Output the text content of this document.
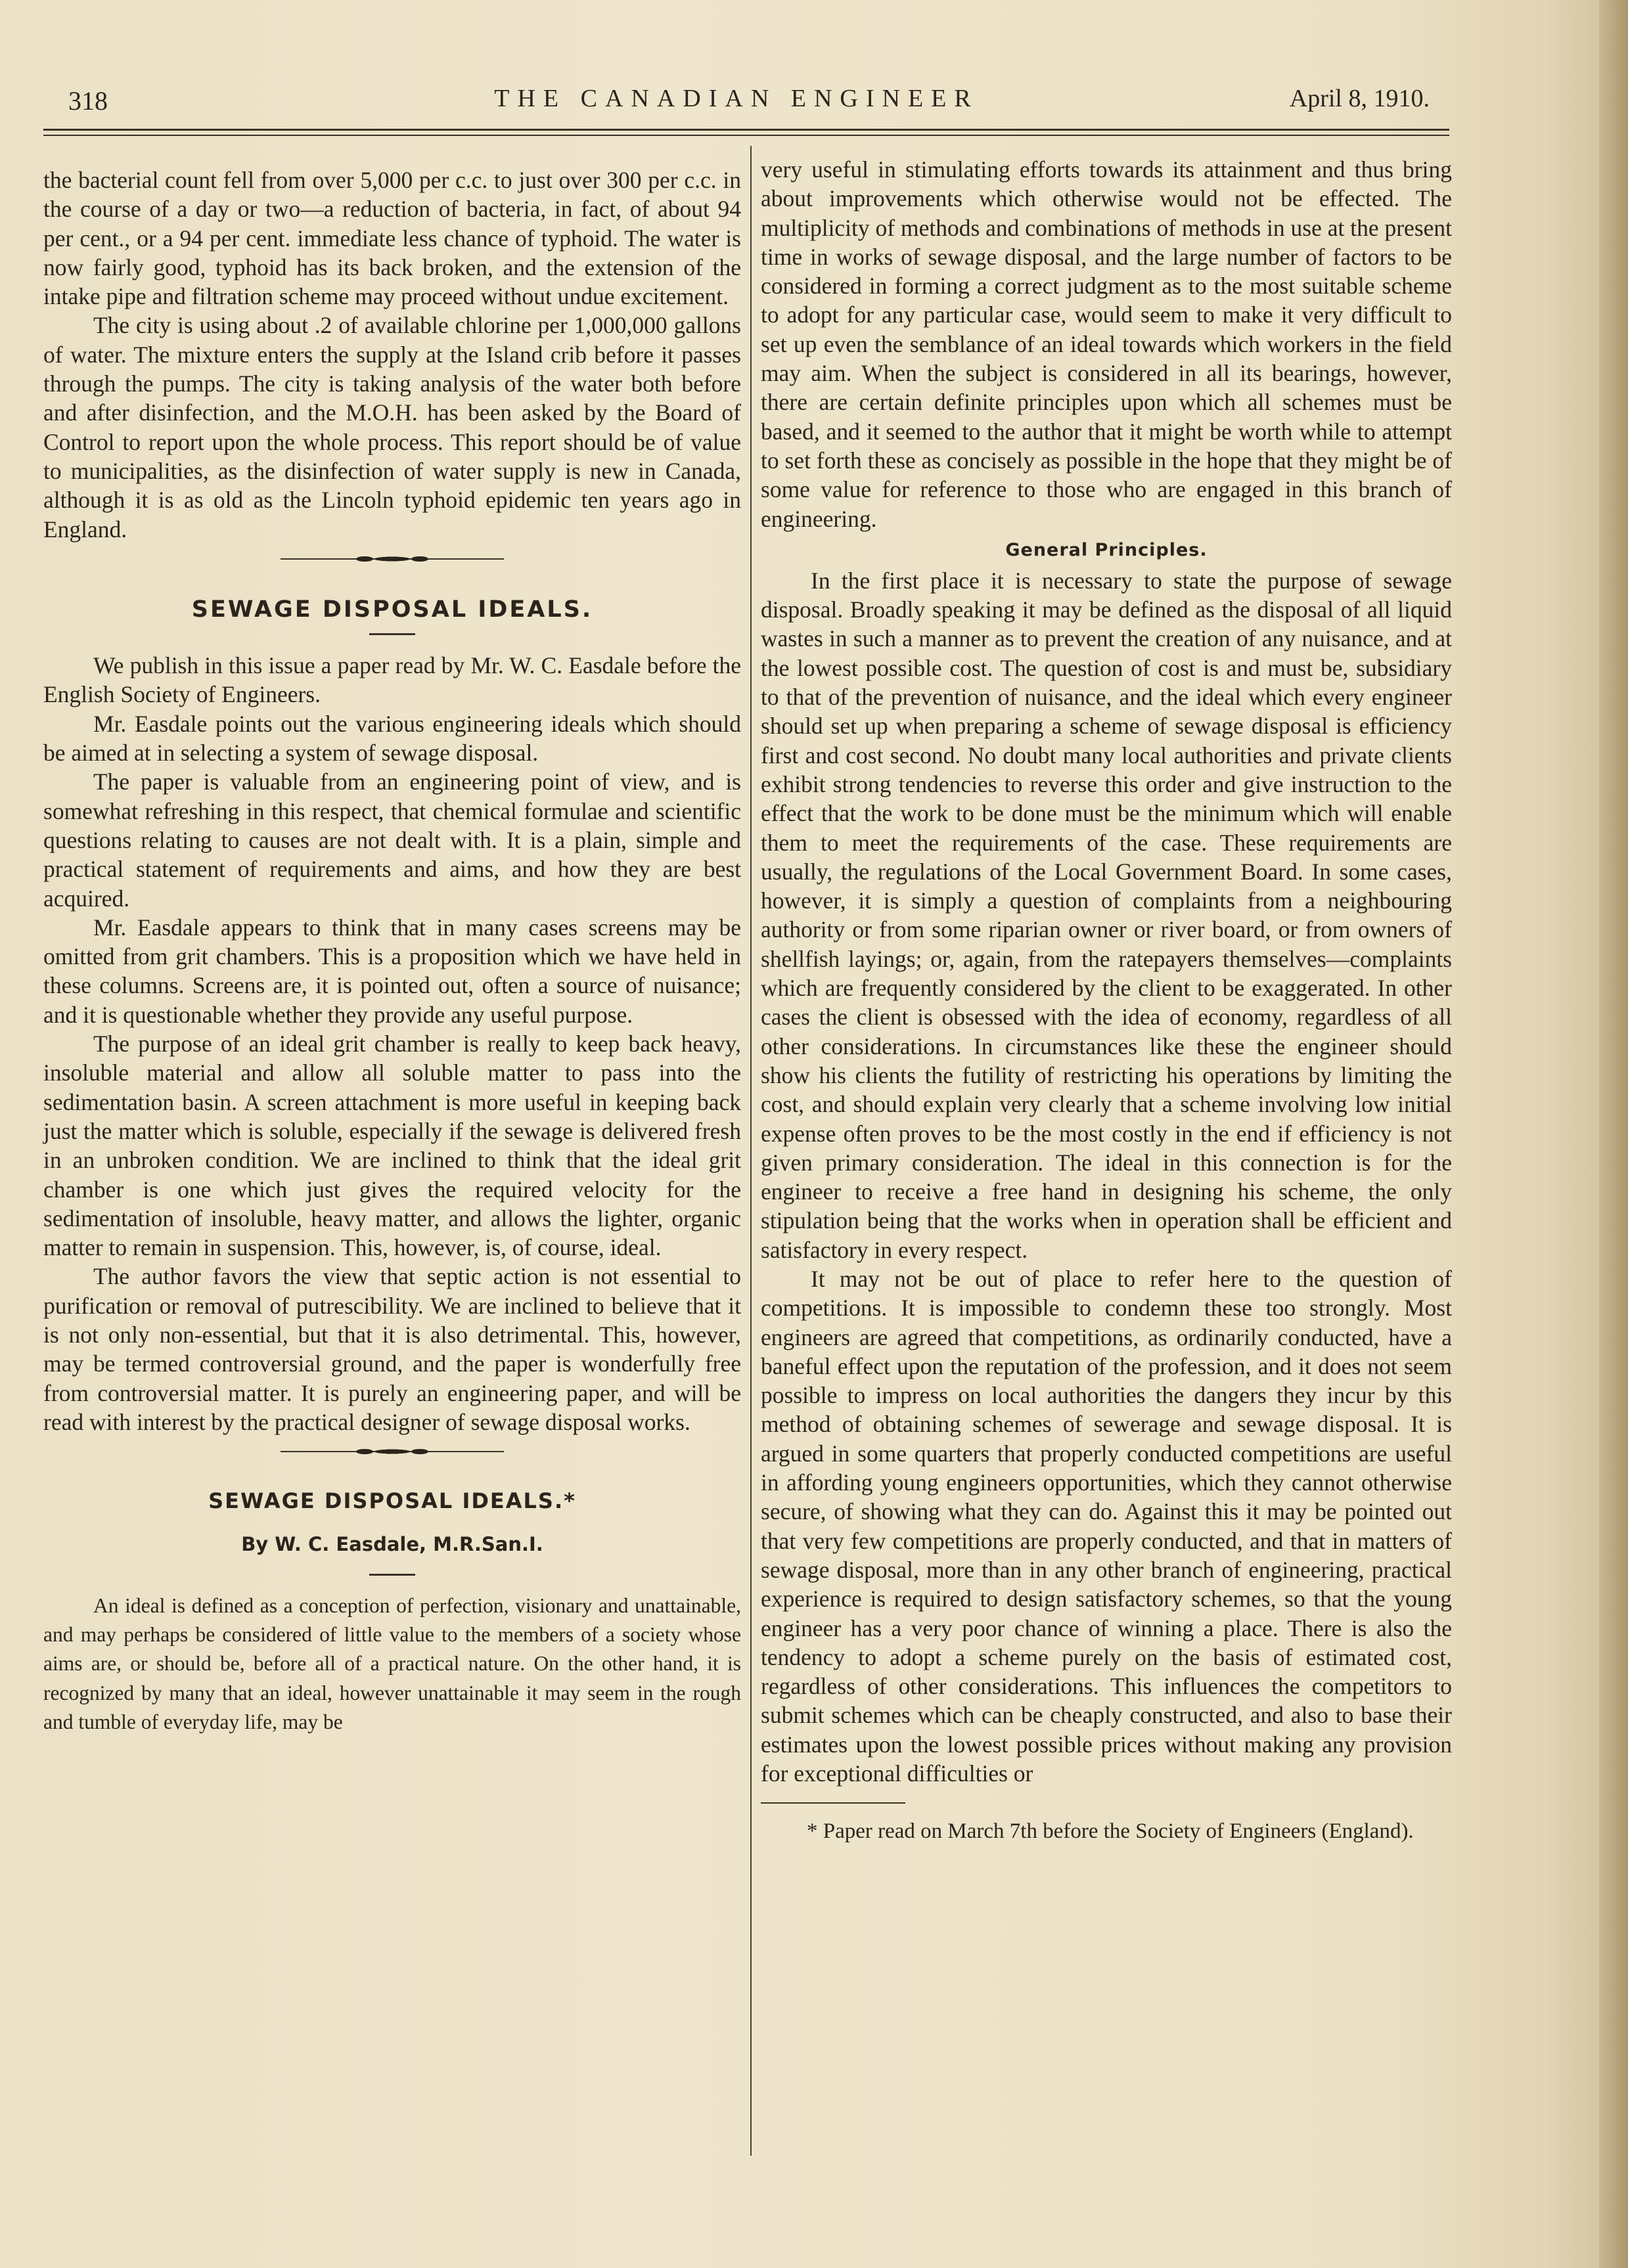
318	THE CANADIAN ENGINEER	April 8, 1910.

the bacterial count fell from over 5,000 per c.c. to just over 300 per c.c. in the course of a day or two—a reduction of bacteria, in fact, of about 94 per cent., or a 94 per cent. immediate less chance of typhoid. The water is now fairly good, typhoid has its back broken, and the extension of the intake pipe and filtration scheme may proceed without undue excitement.

The city is using about .2 of available chlorine per 1,000,000 gallons of water. The mixture enters the supply at the Island crib before it passes through the pumps. The city is taking analysis of the water both before and after disinfection, and the M.O.H. has been asked by the Board of Control to report upon the whole process. This report should be of value to municipalities, as the disinfection of water supply is new in Canada, although it is as old as the Lincoln typhoid epidemic ten years ago in England.

SEWAGE DISPOSAL IDEALS.

We publish in this issue a paper read by Mr. W. C. Easdale before the English Society of Engineers.

Mr. Easdale points out the various engineering ideals which should be aimed at in selecting a system of sewage disposal.

The paper is valuable from an engineering point of view, and is somewhat refreshing in this respect, that chemical formulae and scientific questions relating to causes are not dealt with. It is a plain, simple and practical statement of requirements and aims, and how they are best acquired.

Mr. Easdale appears to think that in many cases screens may be omitted from grit chambers. This is a proposition which we have held in these columns. Screens are, it is pointed out, often a source of nuisance; and it is questionable whether they provide any useful purpose.

The purpose of an ideal grit chamber is really to keep back heavy, insoluble material and allow all soluble matter to pass into the sedimentation basin. A screen attachment is more useful in keeping back just the matter which is soluble, especially if the sewage is delivered fresh in an unbroken condition. We are inclined to think that the ideal grit chamber is one which just gives the required velocity for the sedimentation of insoluble, heavy matter, and allows the lighter, organic matter to remain in suspension. This, however, is, of course, ideal.

The author favors the view that septic action is not essential to purification or removal of putrescibility. We are inclined to believe that it is not only non-essential, but that it is also detrimental. This, however, may be termed controversial ground, and the paper is wonderfully free from controversial matter. It is purely an engineering paper, and will be read with interest by the practical designer of sewage disposal works.

SEWAGE DISPOSAL IDEALS.*
By W. C. Easdale, M.R.San.I.

An ideal is defined as a conception of perfection, visionary and unattainable, and may perhaps be considered of little value to the members of a society whose aims are, or should be, before all of a practical nature. On the other hand, it is recognized by many that an ideal, however unattainable it may seem in the rough and tumble of everyday life, may be

very useful in stimulating efforts towards its attainment and thus bring about improvements which otherwise would not be effected. The multiplicity of methods and combinations of methods in use at the present time in works of sewage disposal, and the large number of factors to be considered in forming a correct judgment as to the most suitable scheme to adopt for any particular case, would seem to make it very difficult to set up even the semblance of an ideal towards which workers in the field may aim. When the subject is considered in all its bearings, however, there are certain definite principles upon which all schemes must be based, and it seemed to the author that it might be worth while to attempt to set forth these as concisely as possible in the hope that they might be of some value for reference to those who are engaged in this branch of engineering.

General Principles.

In the first place it is necessary to state the purpose of sewage disposal. Broadly speaking it may be defined as the disposal of all liquid wastes in such a manner as to prevent the creation of any nuisance, and at the lowest possible cost. The question of cost is and must be, subsidiary to that of the prevention of nuisance, and the ideal which every engineer should set up when preparing a scheme of sewage disposal is efficiency first and cost second. No doubt many local authorities and private clients exhibit strong tendencies to reverse this order and give instruction to the effect that the work to be done must be the minimum which will enable them to meet the requirements of the case. These requirements are usually, the regulations of the Local Government Board. In some cases, however, it is simply a question of complaints from a neighbouring authority or from some riparian owner or river board, or from owners of shellfish layings; or, again, from the ratepayers themselves—complaints which are frequently considered by the client to be exaggerated. In other cases the client is obsessed with the idea of economy, regardless of all other considerations. In circumstances like these the engineer should show his clients the futility of restricting his operations by limiting the cost, and should explain very clearly that a scheme involving low initial expense often proves to be the most costly in the end if efficiency is not given primary consideration. The ideal in this connection is for the engineer to receive a free hand in designing his scheme, the only stipulation being that the works when in operation shall be efficient and satisfactory in every respect.

It may not be out of place to refer here to the question of competitions. It is impossible to condemn these too strongly. Most engineers are agreed that competitions, as ordinarily conducted, have a baneful effect upon the reputation of the profession, and it does not seem possible to impress on local authorities the dangers they incur by this method of obtaining schemes of sewerage and sewage disposal. It is argued in some quarters that properly conducted competitions are useful in affording young engineers opportunities, which they cannot otherwise secure, of showing what they can do. Against this it may be pointed out that very few competitions are properly conducted, and that in matters of sewage disposal, more than in any other branch of engineering, practical experience is required to design satisfactory schemes, so that the young engineer has a very poor chance of winning a place. There is also the tendency to adopt a scheme purely on the basis of estimated cost, regardless of other considerations. This influences the competitors to submit schemes which can be cheaply constructed, and also to base their estimates upon the lowest possible prices without making any provision for exceptional difficulties or

* Paper read on March 7th before the Society of Engineers (England).
